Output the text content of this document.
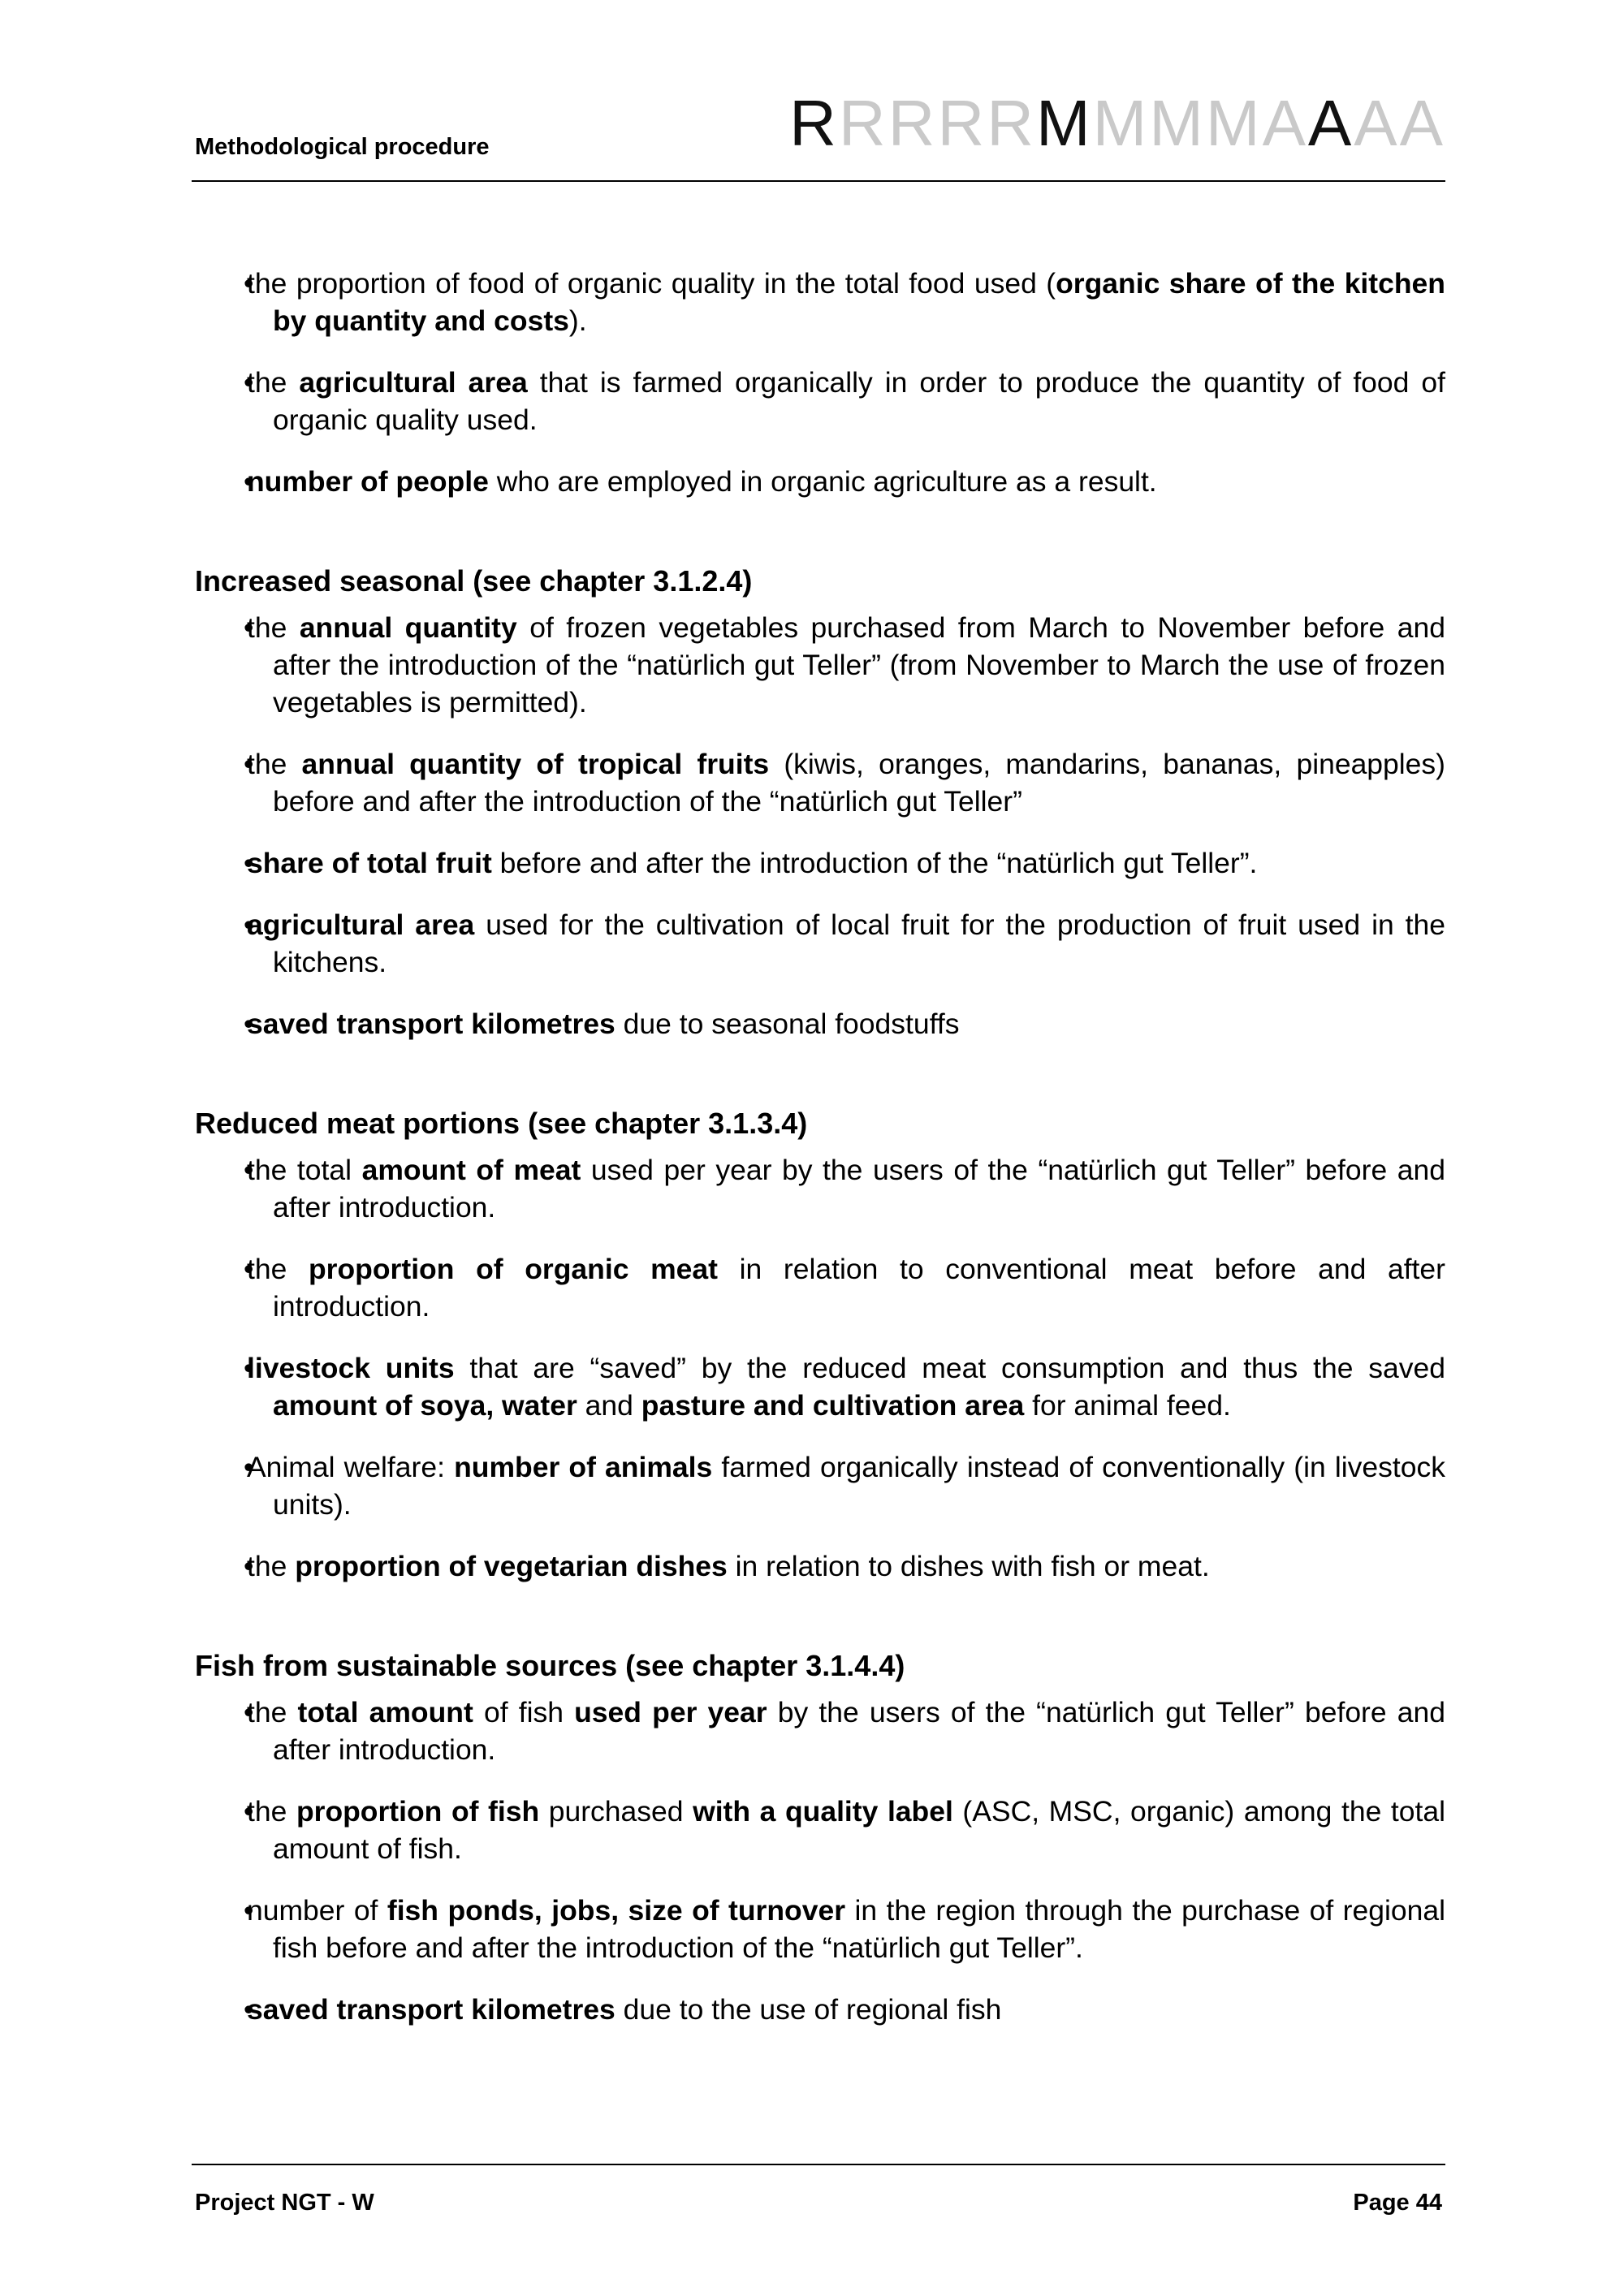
Methodological procedure	RRRRRMMMMAAAA
• the proportion of food of organic quality in the total food used (organic share of the kitchen by quantity and costs).
• the agricultural area that is farmed organically in order to produce the quantity of food of organic quality used.
• number of people who are employed in organic agriculture as a result.
Increased seasonal (see chapter 3.1.2.4)
• the annual quantity of frozen vegetables purchased from March to November before and after the introduction of the “natürlich gut Teller” (from November to March the use of frozen vegetables is permitted).
• the annual quantity of tropical fruits (kiwis, oranges, mandarins, bananas, pineapples) before and after the introduction of the “natürlich gut Teller”
• share of total fruit before and after the introduction of the “natürlich gut Teller”.
• agricultural area used for the cultivation of local fruit for the production of fruit used in the kitchens.
• saved transport kilometres due to seasonal foodstuffs
Reduced meat portions (see chapter 3.1.3.4)
• the total amount of meat used per year by the users of the “natürlich gut Teller” before and after introduction.
• the proportion of organic meat in relation to conventional meat before and after introduction.
• livestock units that are “saved” by the reduced meat consumption and thus the saved amount of soya, water and pasture and cultivation area for animal feed.
• Animal welfare: number of animals farmed organically instead of conventionally (in livestock units).
• the proportion of vegetarian dishes in relation to dishes with fish or meat.
Fish from sustainable sources (see chapter 3.1.4.4)
• the total amount of fish used per year by the users of the “natürlich gut Teller” before and after introduction.
• the proportion of fish purchased with a quality label (ASC, MSC, organic) among the total amount of fish.
• number of fish ponds, jobs, size of turnover in the region through the purchase of regional fish before and after the introduction of the “natürlich gut Teller”.
• saved transport kilometres due to the use of regional fish
Project NGT - W	Page 44
